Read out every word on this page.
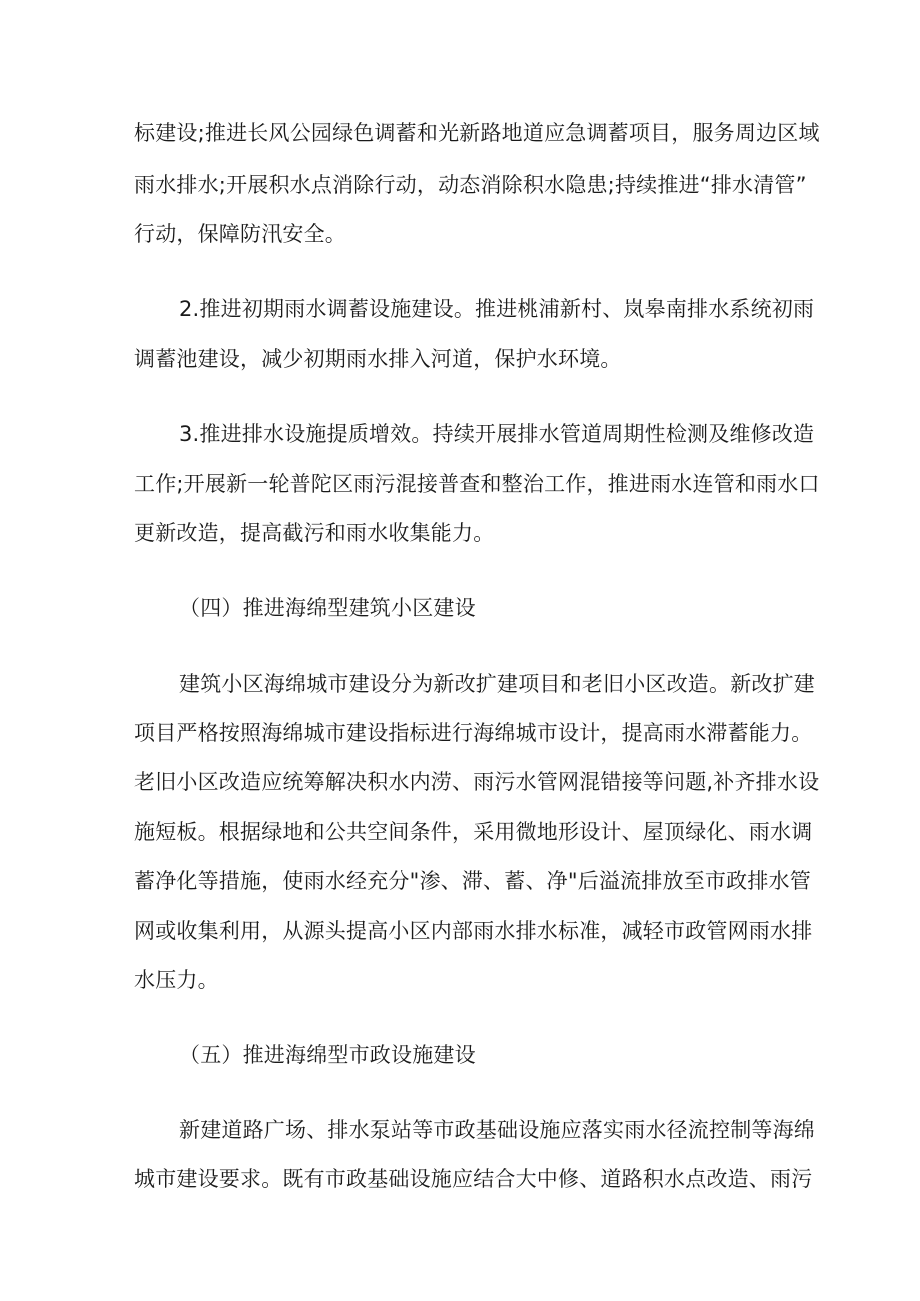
标建设;推进长风公园绿色调蓄和光新路地道应急调蓄项目，服务周边区域
雨水排水;开展积水点消除行动，动态消除积水隐患;持续推进“排水清管”
行动，保障防汛安全。
2.推进初期雨水调蓄设施建设。推进桃浦新村、岚皋南排水系统初雨
调蓄池建设，减少初期雨水排入河道，保护水环境。
3.推进排水设施提质增效。持续开展排水管道周期性检测及维修改造
工作;开展新一轮普陀区雨污混接普查和整治工作，推进雨水连管和雨水口
更新改造，提高截污和雨水收集能力。
（四）推进海绵型建筑小区建设
建筑小区海绵城市建设分为新改扩建项目和老旧小区改造。新改扩建
项目严格按照海绵城市建设指标进行海绵城市设计，提高雨水滞蓄能力。
老旧小区改造应统筹解决积水内涝、雨污水管网混错接等问题,补齐排水设
施短板。根据绿地和公共空间条件，采用微地形设计、屋顶绿化、雨水调
蓄净化等措施，使雨水经充分"渗、滞、蓄、净"后溢流排放至市政排水管
网或收集利用，从源头提高小区内部雨水排水标准，减轻市政管网雨水排
水压力。
（五）推进海绵型市政设施建设
新建道路广场、排水泵站等市政基础设施应落实雨水径流控制等海绵
城市建设要求。既有市政基础设施应结合大中修、道路积水点改造、雨污
